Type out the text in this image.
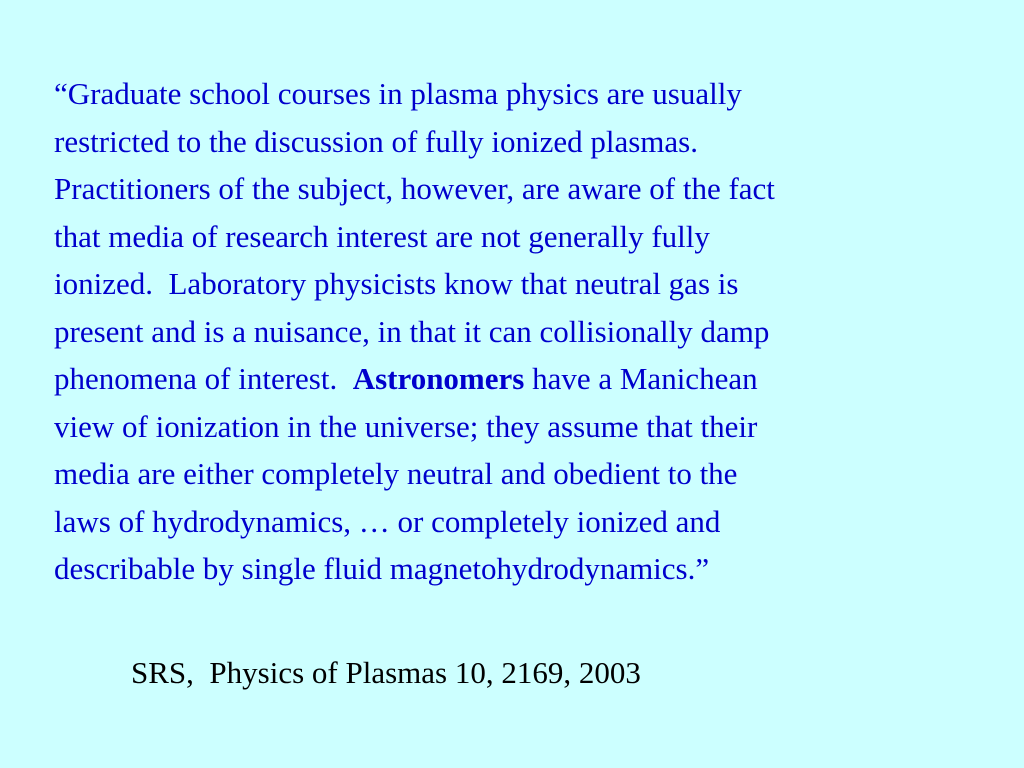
“Graduate school courses in plasma physics are usually
restricted to the discussion of fully ionized plasmas.
Practitioners of the subject, however, are aware of the fact
that media of research interest are not generally fully
ionized.  Laboratory physicists know that neutral gas is
present and is a nuisance, in that it can collisionally damp
phenomena of interest.  Astronomers have a Manichean
view of ionization in the universe; they assume that their
media are either completely neutral and obedient to the
laws of hydrodynamics, … or completely ionized and
describable by single fluid magnetohydrodynamics.”

SRS,  Physics of Plasmas 10, 2169, 2003
